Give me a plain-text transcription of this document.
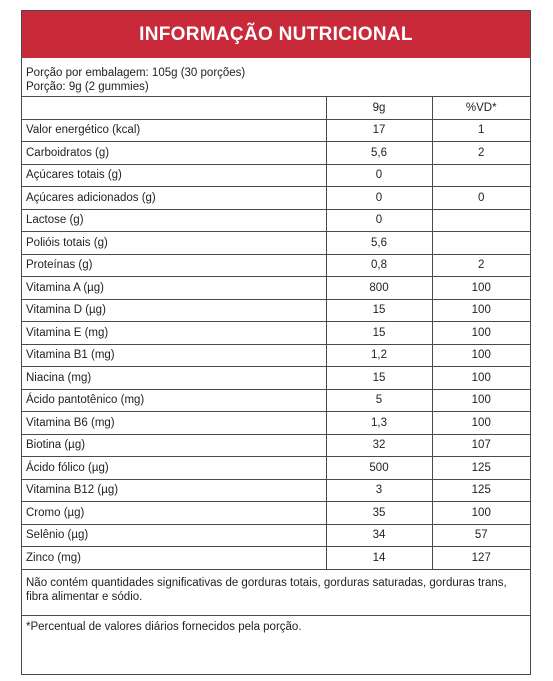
INFORMAÇÃO NUTRICIONAL
Porção por embalagem: 105g (30 porções)
Porção: 9g (2 gummies)
	9g	%VD*
Valor energético (kcal)	17	1
Carboidratos (g)	5,6	2
Açúcares totais (g)	0	
Açúcares adicionados (g)	0	0
Lactose (g)	0	
Polióis totais (g)	5,6	
Proteínas (g)	0,8	2
Vitamina A (µg)	800	100
Vitamina D (µg)	15	100
Vitamina E (mg)	15	100
Vitamina B1 (mg)	1,2	100
Niacina (mg)	15	100
Ácido pantotênico (mg)	5	100
Vitamina B6 (mg)	1,3	100
Biotina (µg)	32	107
Ácido fólico (µg)	500	125
Vitamina B12 (µg)	3	125
Cromo (µg)	35	100
Selênio (µg)	34	57
Zinco (mg)	14	127
Não contém quantidades significativas de gorduras totais, gorduras saturadas, gorduras trans, fibra alimentar e sódio.
*Percentual de valores diários fornecidos pela porção.
